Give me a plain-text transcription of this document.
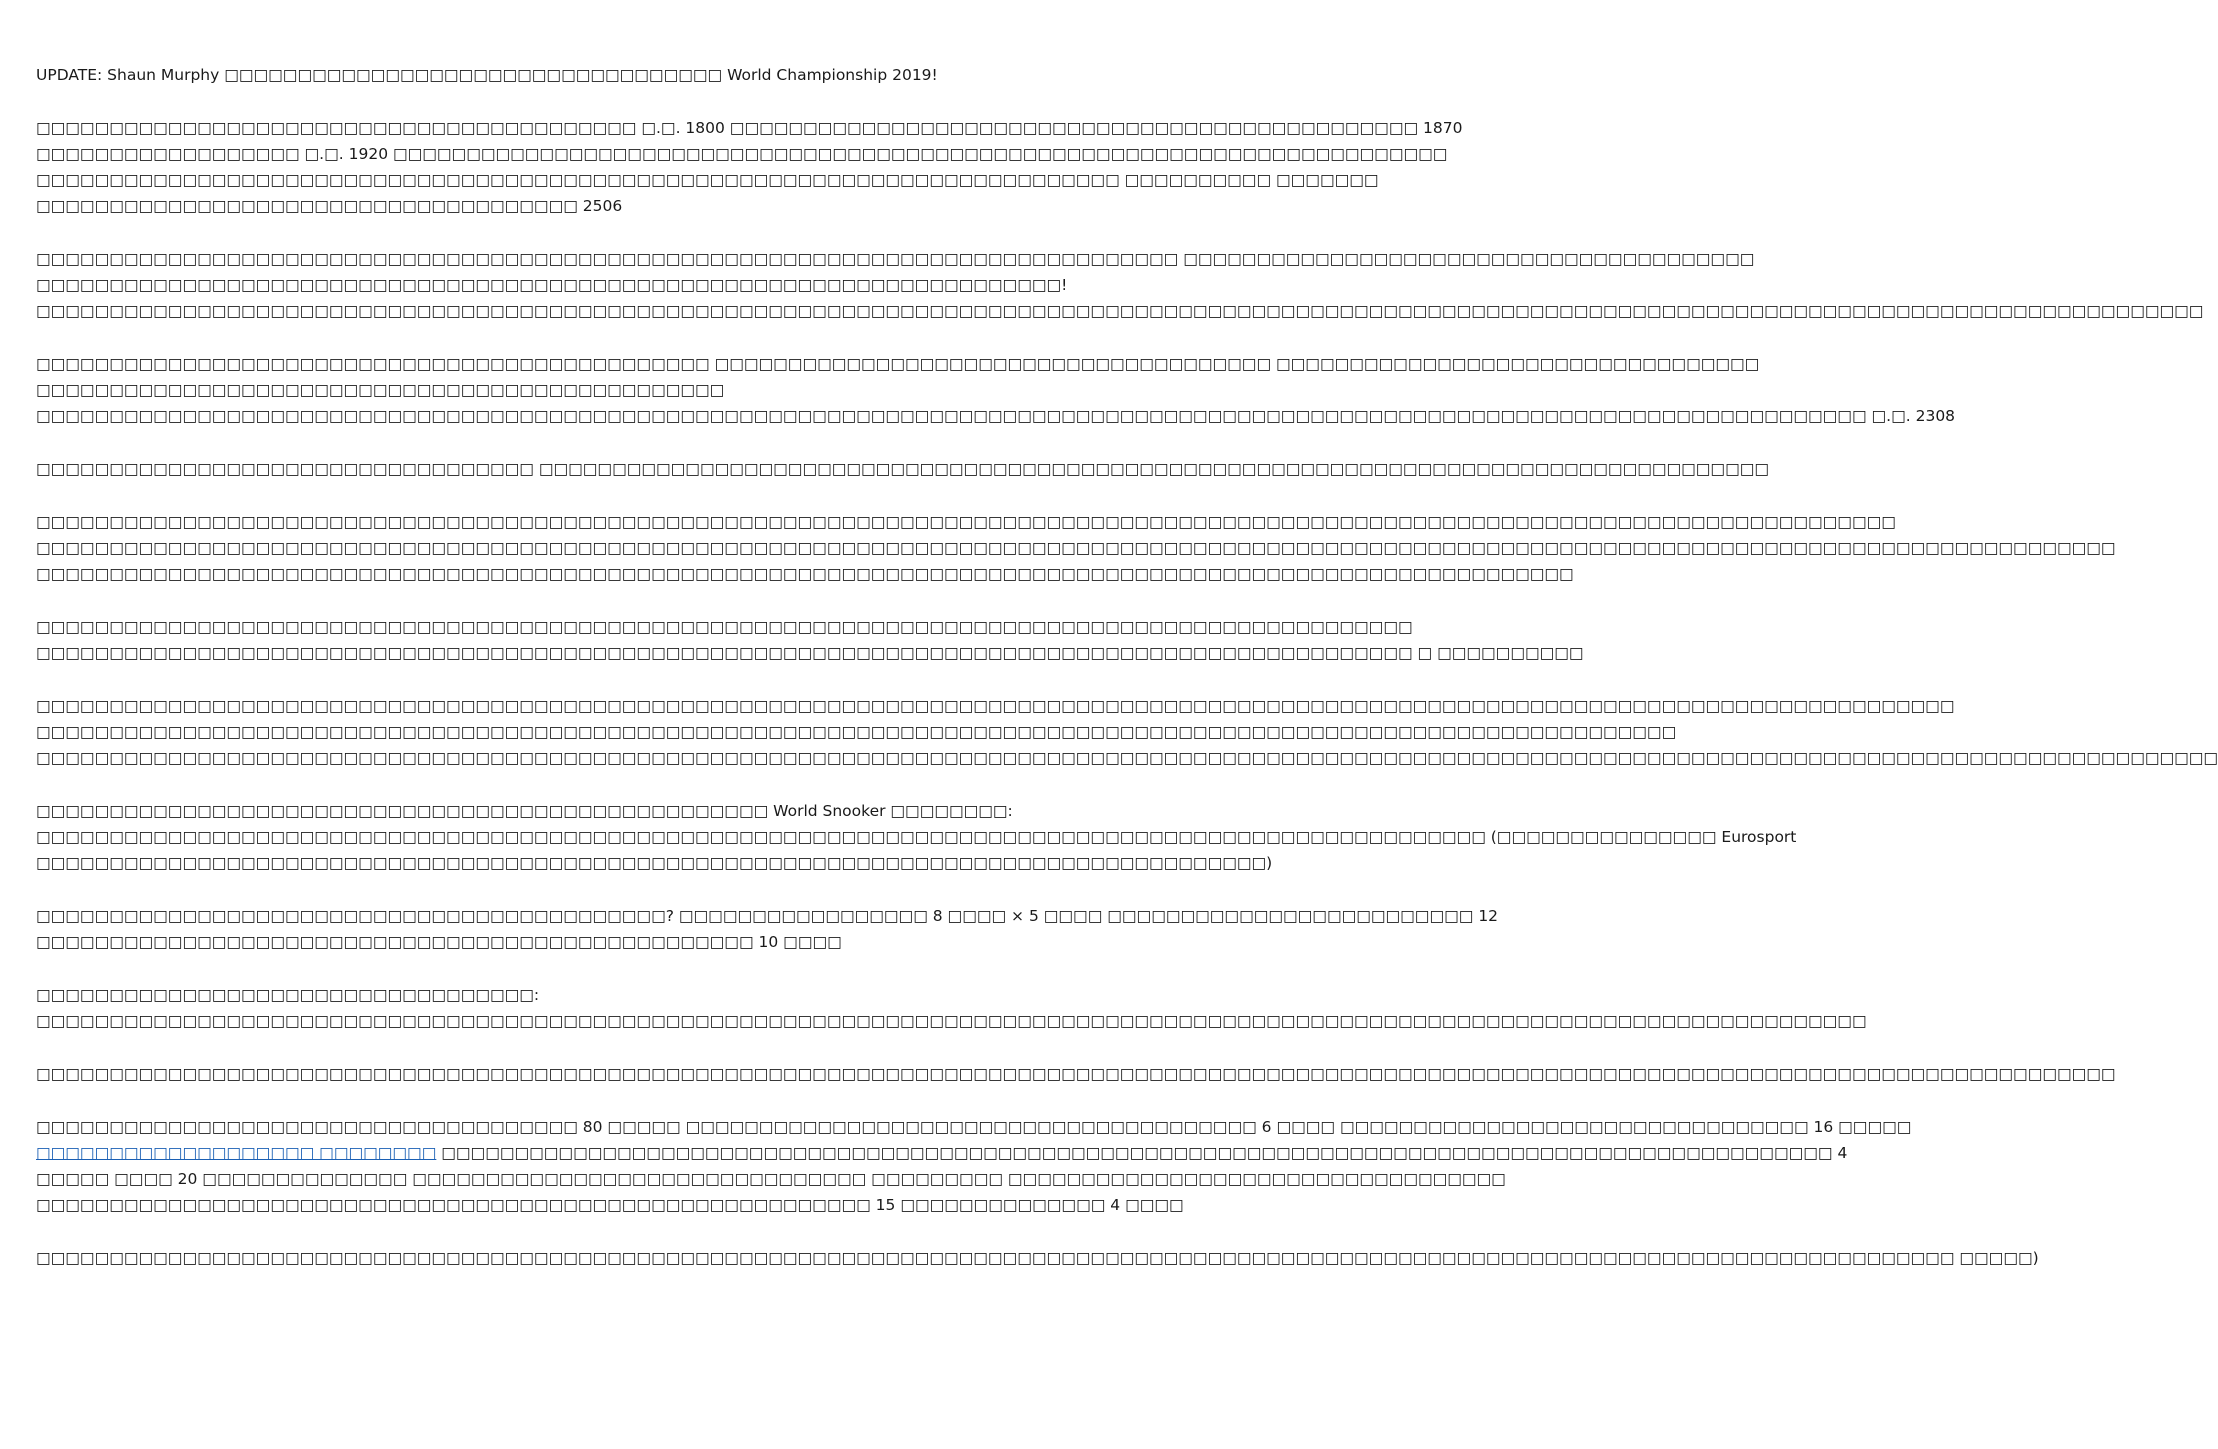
UPDATE: Shaun Murphy □□□□□□□□□□□□□□□□□□□□□□□□□□□□□□□□□□ World Championship 2019!
□□□□□□□□□□□□□□□□□□□□□□□□□□□□□□□□□□□□□□□□□ □.□. 1800 □□□□□□□□□□□□□□□□□□□□□□□□□□□□□□□□□□□□□□□□□□□□□□□ 1870
□□□□□□□□□□□□□□□□□□ □.□. 1920 □□□□□□□□□□□□□□□□□□□□□□□□□□□□□□□□□□□□□□□□□□□□□□□□□□□□□□□□□□□□□□□□□□□□□□□□
□□□□□□□□□□□□□□□□□□□□□□□□□□□□□□□□□□□□□□□□□□□□□□□□□□□□□□□□□□□□□□□□□□□□□□□□□□ □□□□□□□□□□ □□□□□□□
□□□□□□□□□□□□□□□□□□□□□□□□□□□□□□□□□□□□□ 2506
□□□□□□□□□□□□□□□□□□□□□□□□□□□□□□□□□□□□□□□□□□□□□□□□□□□□□□□□□□□□□□□□□□□□□□□□□□□□□□ □□□□□□□□□□□□□□□□□□□□□□□□□□□□□□□□□□□□□□□
□□□□□□□□□□□□□□□□□□□□□□□□□□□□□□□□□□□□□□□□□□□□□□□□□□□□□□□□□□□□□□□□□□□□□□!
□□□□□□□□□□□□□□□□□□□□□□□□□□□□□□□□□□□□□□□□□□□□□□□□□□□□□□□□□□□□□□□□□□□□□□□□□□□□□□□□□□□□□□□□□□□□□□□□□□□□□□□□□□□□□□□□□□□□□□□□□□□□□□□□□□□□□□□□□□□□□□□□□□□□
□□□□□□□□□□□□□□□□□□□□□□□□□□□□□□□□□□□□□□□□□□□□□□ □□□□□□□□□□□□□□□□□□□□□□□□□□□□□□□□□□□□□□ □□□□□□□□□□□□□□□□□□□□□□□□□□□□□□□□□
□□□□□□□□□□□□□□□□□□□□□□□□□□□□□□□□□□□□□□□□□□□□□□□
□□□□□□□□□□□□□□□□□□□□□□□□□□□□□□□□□□□□□□□□□□□□□□□□□□□□□□□□□□□□□□□□□□□□□□□□□□□□□□□□□□□□□□□□□□□□□□□□□□□□□□□□□□□□□□□□□□□□□□□□□□□□□ □.□. 2308
□□□□□□□□□□□□□□□□□□□□□□□□□□□□□□□□□□ □□□□□□□□□□□□□□□□□□□□□□□□□□□□□□□□□□□□□□□□□□□□□□□□□□□□□□□□□□□□□□□□□□□□□□□□□□□□□□□□□□□□
□□□□□□□□□□□□□□□□□□□□□□□□□□□□□□□□□□□□□□□□□□□□□□□□□□□□□□□□□□□□□□□□□□□□□□□□□□□□□□□□□□□□□□□□□□□□□□□□□□□□□□□□□□□□□□□□□□□□□□□□□□□□□□□
□□□□□□□□□□□□□□□□□□□□□□□□□□□□□□□□□□□□□□□□□□□□□□□□□□□□□□□□□□□□□□□□□□□□□□□□□□□□□□□□□□□□□□□□□□□□□□□□□□□□□□□□□□□□□□□□□□□□□□□□□□□□□□□□□□□□□□□□□□□□□□
□□□□□□□□□□□□□□□□□□□□□□□□□□□□□□□□□□□□□□□□□□□□□□□□□□□□□□□□□□□□□□□□□□□□□□□□□□□□□□□□□□□□□□□□□□□□□□□□□□□□□□□□□
□□□□□□□□□□□□□□□□□□□□□□□□□□□□□□□□□□□□□□□□□□□□□□□□□□□□□□□□□□□□□□□□□□□□□□□□□□□□□□□□□□□□□□□□□□□□□□
□□□□□□□□□□□□□□□□□□□□□□□□□□□□□□□□□□□□□□□□□□□□□□□□□□□□□□□□□□□□□□□□□□□□□□□□□□□□□□□□□□□□□□□□□□□□□□ □ □□□□□□□□□□
□□□□□□□□□□□□□□□□□□□□□□□□□□□□□□□□□□□□□□□□□□□□□□□□□□□□□□□□□□□□□□□□□□□□□□□□□□□□□□□□□□□□□□□□□□□□□□□□□□□□□□□□□□□□□□□□□□□□□□□□□□□□□□□□□□□
□□□□□□□□□□□□□□□□□□□□□□□□□□□□□□□□□□□□□□□□□□□□□□□□□□□□□□□□□□□□□□□□□□□□□□□□□□□□□□□□□□□□□□□□□□□□□□□□□□□□□□□□□□□□□□□□
□□□□□□□□□□□□□□□□□□□□□□□□□□□□□□□□□□□□□□□□□□□□□□□□□□□□□□□□□□□□□□□□□□□□□□□□□□□□□□□□□□□□□□□□□□□□□□□□□□□□□□□□□□□□□□□□□□□□□□□□□□□□□□□□□□□□□□□□□□□□□□□□□□□□□
□□□□□□□□□□□□□□□□□□□□□□□□□□□□□□□□□□□□□□□□□□□□□□□□□□ World Snooker □□□□□□□□:
□□□□□□□□□□□□□□□□□□□□□□□□□□□□□□□□□□□□□□□□□□□□□□□□□□□□□□□□□□□□□□□□□□□□□□□□□□□□□□□□□□□□□□□□□□□□□□□□□□□ (□□□□□□□□□□□□□□□ Eurosport
□□□□□□□□□□□□□□□□□□□□□□□□□□□□□□□□□□□□□□□□□□□□□□□□□□□□□□□□□□□□□□□□□□□□□□□□□□□□□□□□□□□□)
□□□□□□□□□□□□□□□□□□□□□□□□□□□□□□□□□□□□□□□□□□□? □□□□□□□□□□□□□□□□□ 8 □□□□ × 5 □□□□ □□□□□□□□□□□□□□□□□□□□□□□□□ 12
□□□□□□□□□□□□□□□□□□□□□□□□□□□□□□□□□□□□□□□□□□□□□□□□□ 10 □□□□
□□□□□□□□□□□□□□□□□□□□□□□□□□□□□□□□□□:
□□□□□□□□□□□□□□□□□□□□□□□□□□□□□□□□□□□□□□□□□□□□□□□□□□□□□□□□□□□□□□□□□□□□□□□□□□□□□□□□□□□□□□□□□□□□□□□□□□□□□□□□□□□□□□□□□□□□□□□□□□□□□
□□□□□□□□□□□□□□□□□□□□□□□□□□□□□□□□□□□□□□□□□□□□□□□□□□□□□□□□□□□□□□□□□□□□□□□□□□□□□□□□□□□□□□□□□□□□□□□□□□□□□□□□□□□□□□□□□□□□□□□□□□□□□□□□□□□□□□□□□□□□□□
□□□□□□□□□□□□□□□□□□□□□□□□□□□□□□□□□□□□□ 80 □□□□□ □□□□□□□□□□□□□□□□□□□□□□□□□□□□□□□□□□□□□□□ 6 □□□□ □□□□□□□□□□□□□□□□□□□□□□□□□□□□□□□□ 16 □□□□□
□□□□□□□□□□□□□□□□□□□ □□□□□□□□ □□□□□□□□□□□□□□□□□□□□□□□□□□□□□□□□□□□□□□□□□□□□□□□□□□□□□□□□□□□□□□□□□□□□□□□□□□□□□□□□□□□□□□□□□□□□□□□ 4
□□□□□ □□□□ 20 □□□□□□□□□□□□□□ □□□□□□□□□□□□□□□□□□□□□□□□□□□□□□□ □□□□□□□□□ □□□□□□□□□□□□□□□□□□□□□□□□□□□□□□□□□□
□□□□□□□□□□□□□□□□□□□□□□□□□□□□□□□□□□□□□□□□□□□□□□□□□□□□□□□□□ 15 □□□□□□□□□□□□□□ 4 □□□□
□□□□□□□□□□□□□□□□□□□□□□□□□□□□□□□□□□□□□□□□□□□□□□□□□□□□□□□□□□□□□□□□□□□□□□□□□□□□□□□□□□□□□□□□□□□□□□□□□□□□□□□□□□□□□□□□□□□□□□□□□□□□□□□□□□□ □□□□□)
